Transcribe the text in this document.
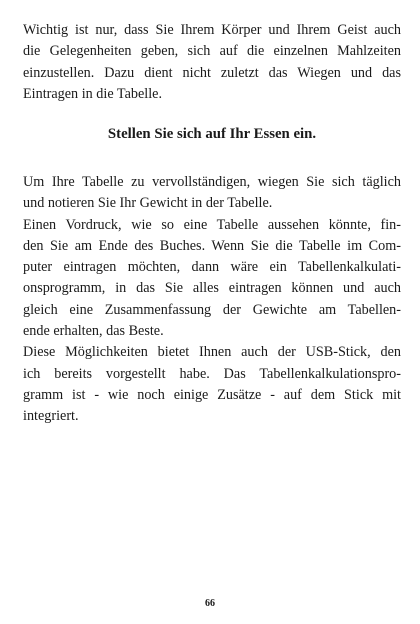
Wichtig ist nur, dass Sie Ihrem Körper und Ihrem Geist auch
die Gelegenheiten geben, sich auf die einzelnen Mahlzeiten
einzustellen. Dazu dient nicht zuletzt das Wiegen und das
Eintragen in die Tabelle.
Stellen Sie sich auf Ihr Essen ein.
Um Ihre Tabelle zu vervollständigen, wiegen Sie sich täglich
und notieren Sie Ihr Gewicht in der Tabelle.
Einen Vordruck, wie so eine Tabelle aussehen könnte, fin-
den Sie am Ende des Buches. Wenn Sie die Tabelle im Com-
puter eintragen möchten, dann wäre ein Tabellenkalkulati-
onsprogramm, in das Sie alles eintragen können und auch
gleich eine Zusammenfassung der Gewichte am Tabellen-
ende erhalten, das Beste.
Diese Möglichkeiten bietet Ihnen auch der USB-Stick, den
ich bereits vorgestellt habe. Das Tabellenkalkulationspro-
gramm ist - wie noch einige Zusätze - auf dem Stick mit
integriert.
66
